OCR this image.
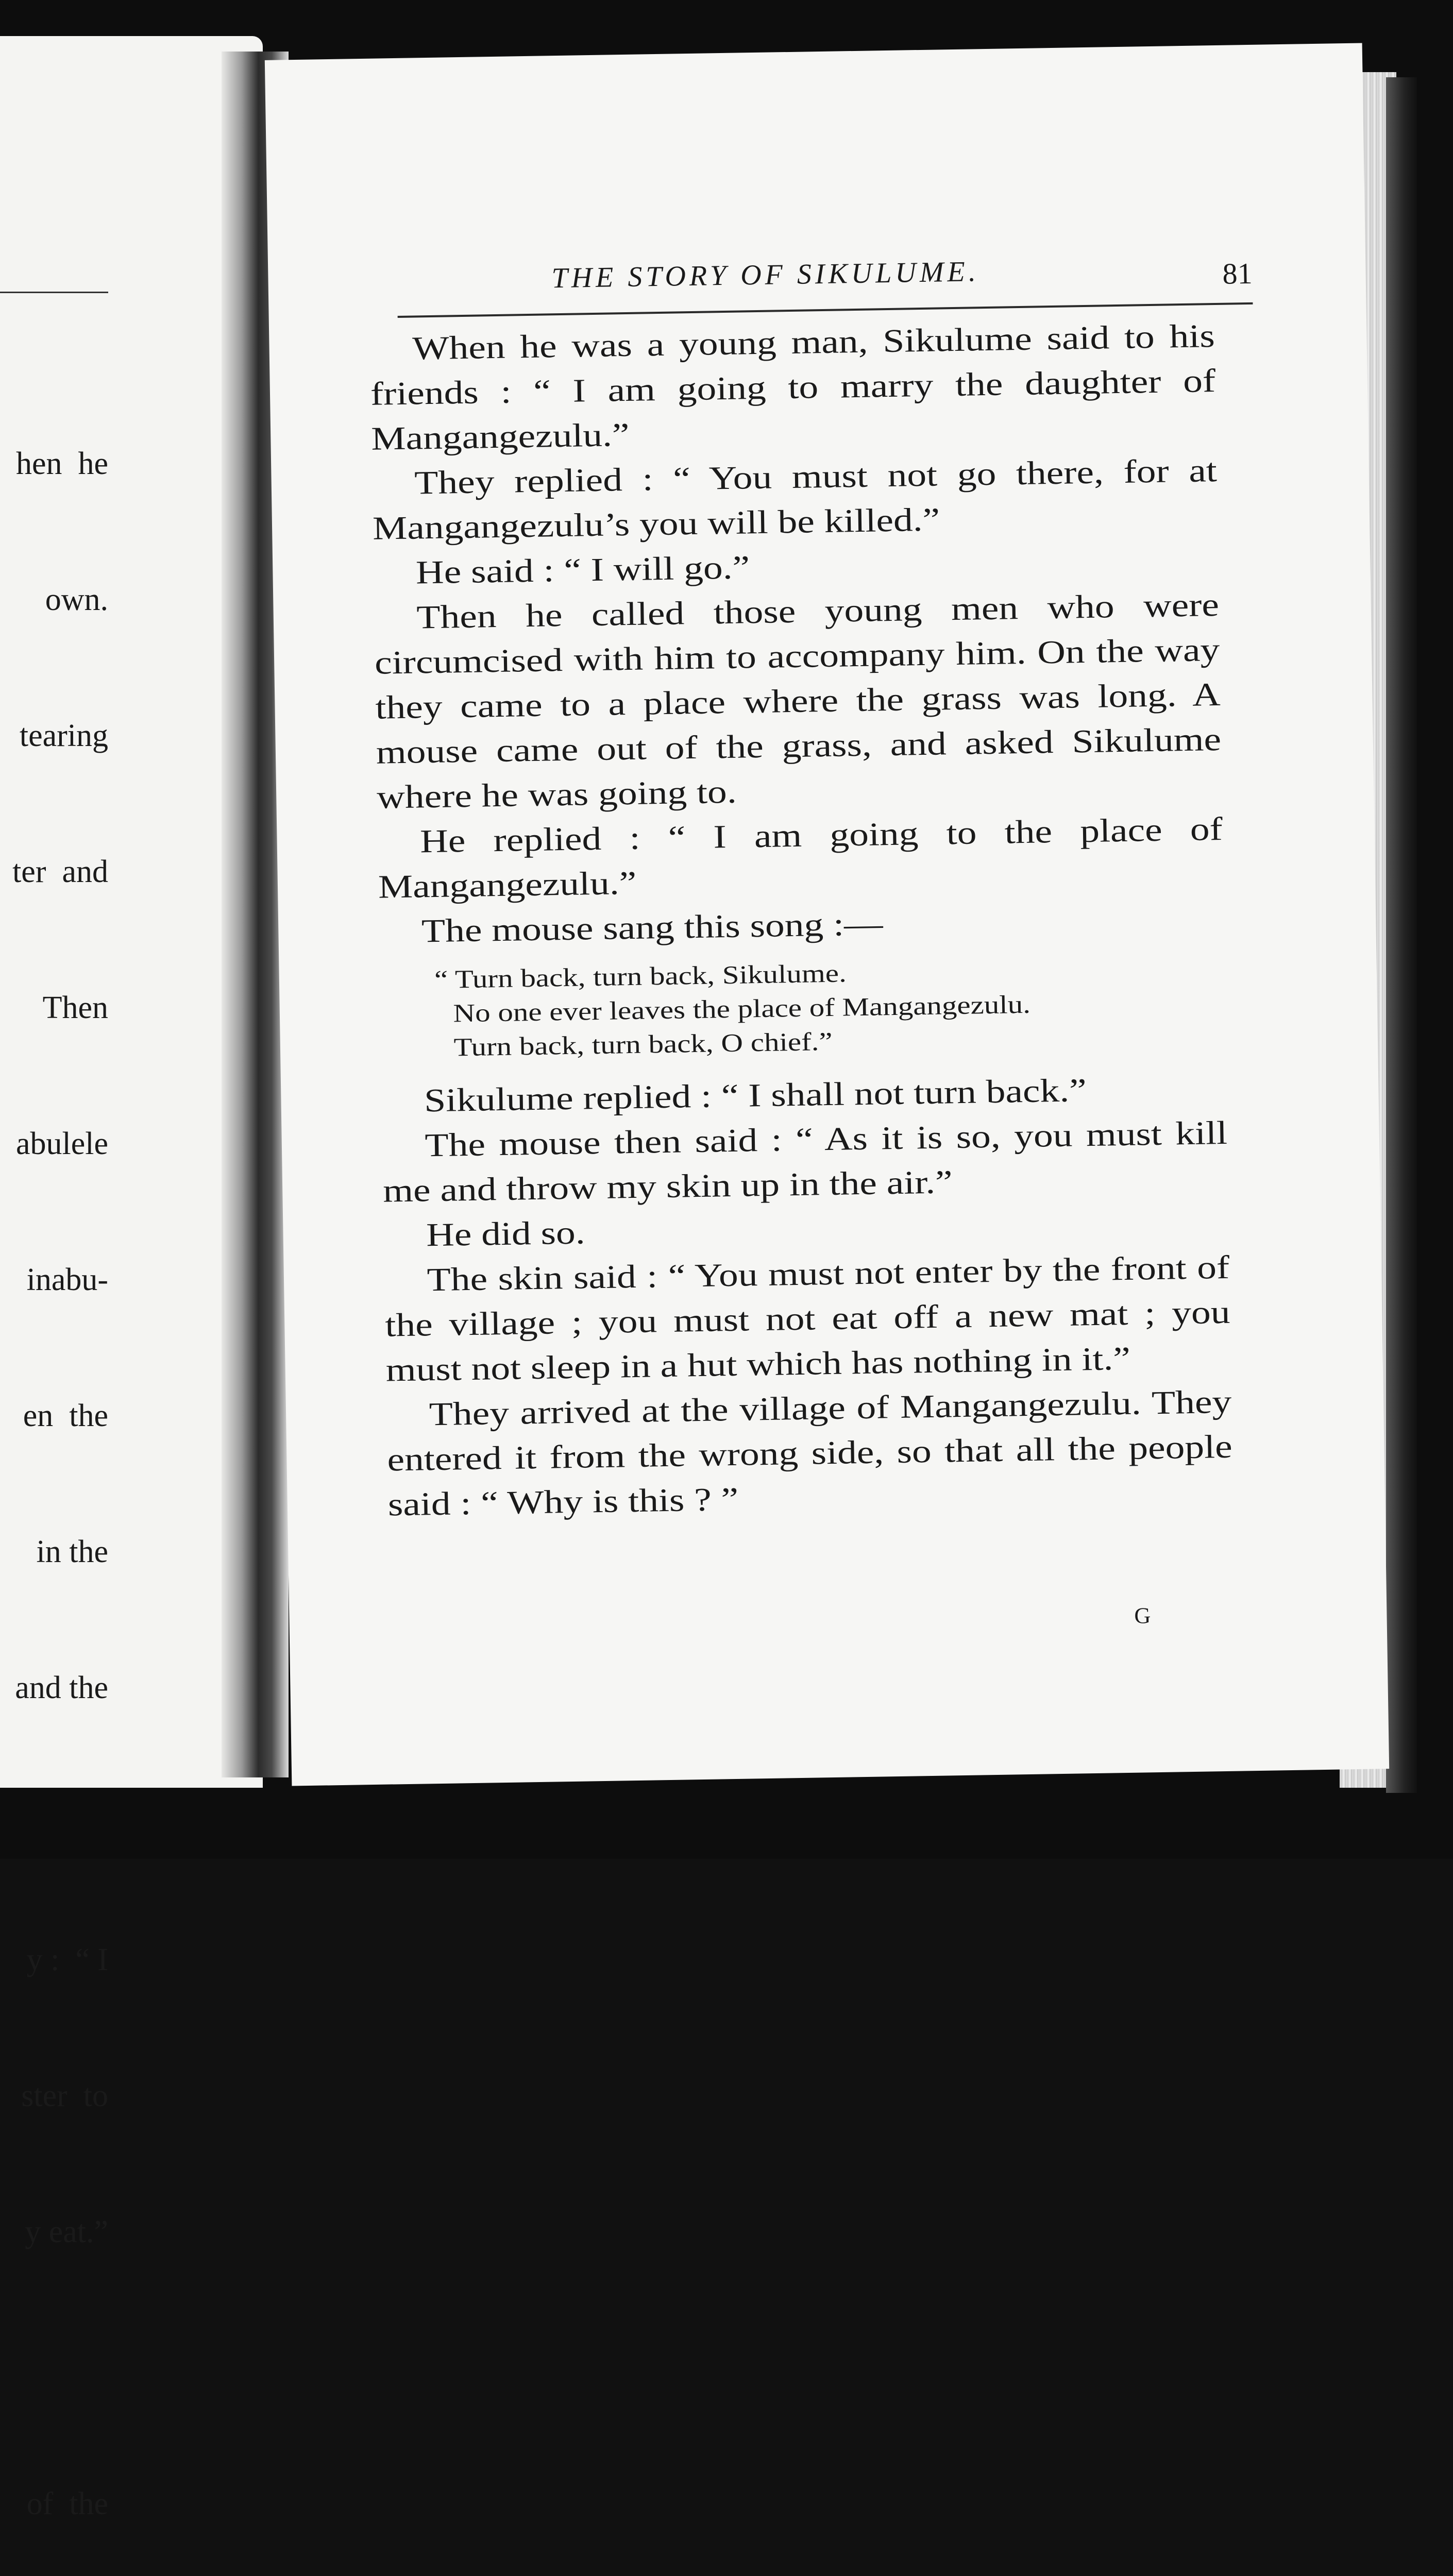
hen  he

own.

tearing

ter  and

Then

abulele

inabu-

en  the

in the

and the

y :  “ I

ster  to

y eat.”

of  the

THE STORY OF SIKULUME.	81

When he was a young man, Sikulume said to his friends : “ I am going to marry the daughter of Mangangezulu.”

They replied : “ You must not go there, for at Mangangezulu’s you will be killed.”

He said : “ I will go.”

Then he called those young men who were circumcised with him to accompany him. On the way they came to a place where the grass was long. A mouse came out of the grass, and asked Sikulume where he was going to.

He replied : “ I am going to the place of Mangangezulu.”

The mouse sang this song :—

“ Turn back, turn back, Sikulume.
No one ever leaves the place of Mangangezulu.
Turn back, turn back, O chief.”

Sikulume replied : “ I shall not turn back.”

The mouse then said : “ As it is so, you must kill me and throw my skin up in the air.”

He did so.

The skin said : “ You must not enter by the front of the village ; you must not eat off a new mat ; you must not sleep in a hut which has nothing in it.”

They arrived at the village of Mangangezulu. They entered it from the wrong side, so that all the people said : “ Why is this ? ”

G
